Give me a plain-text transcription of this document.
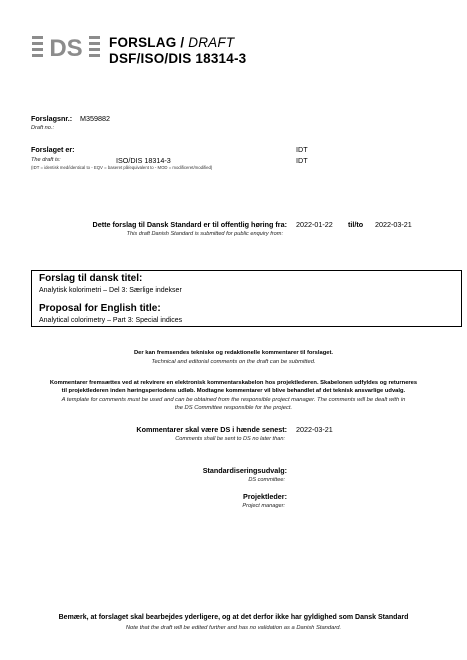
DS FORSLAG / DRAFT
DSF/ISO/DIS 18314-3
Forslagsnr.: M359882
Draft no.:
Forslaget er:	IDT
The draft is:	ISO/DIS 18314-3	IDT
(IDT = identisk med/identical to - EQV = baseret på/equivalent to - MOD = modificeret/modified)
Dette forslag til Dansk Standard er til offentlig høring fra: 2022-01-22 til/to 2022-03-21
This draft Danish Standard is submitted for public enquiry from:
Forslag til dansk titel:
Analytisk kolorimetri – Del 3: Særlige indekser
Proposal for English title:
Analytical colorimetry – Part 3: Special indices
Der kan fremsendes tekniske og redaktionelle kommentarer til forslaget.
Technical and editorial comments on the draft can be submitted.
Kommentarer fremsættes ved at rekvirere en elektronisk kommentarskabelon hos projektlederen. Skabelonen udfyldes og returneres
til projektlederen inden høringsperiodens udløb. Modtagne kommentarer vil blive behandlet af det teknisk ansvarlige udvalg.
A template for comments must be used and can be obtained from the responsible project manager. The comments will be dealt with in
the DS Committee responsible for the project.
Kommentarer skal være DS i hænde senest: 2022-03-21
Comments shall be sent to DS no later than:
Standardiseringsudvalg:
DS committee:
Projektleder:
Project manager:
Bemærk, at forslaget skal bearbejdes yderligere, og at det derfor ikke har gyldighed som Dansk Standard
Note that the draft will be edited further and has no validation as a Danish Standard.
